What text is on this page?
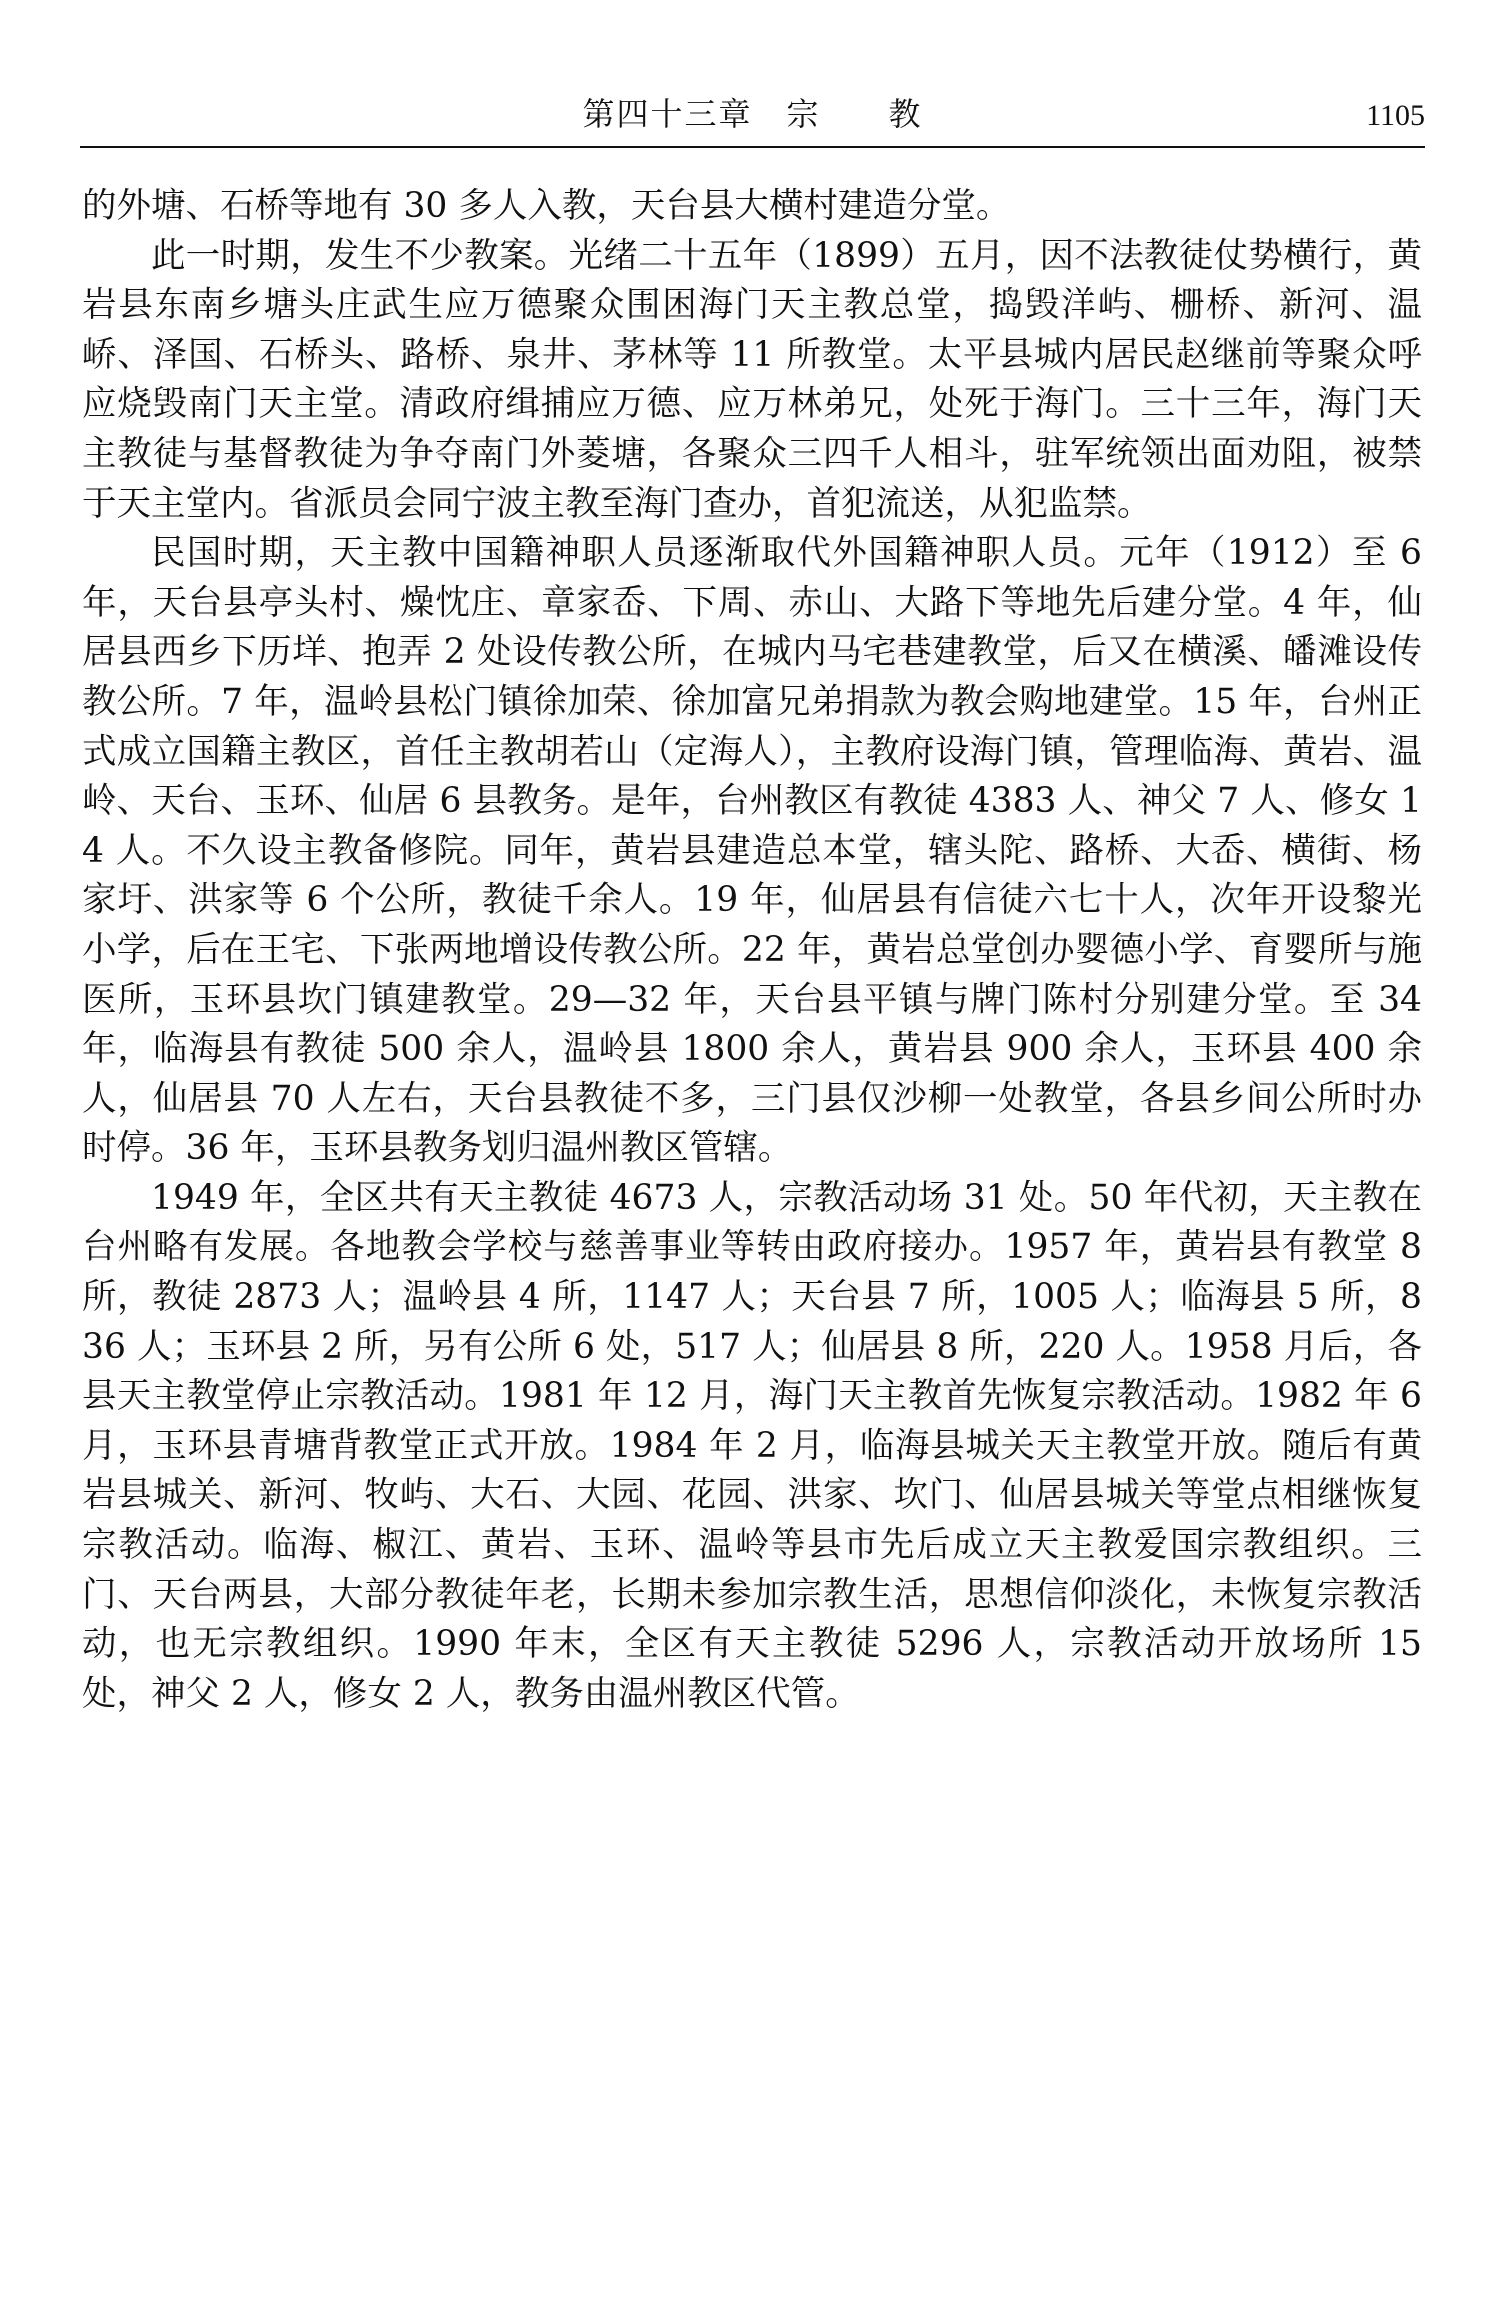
第四十三章　宗　　教	1105

的外塘、石桥等地有 30 多人入教，天台县大横村建造分堂。

此一时期，发生不少教案。光绪二十五年（1899）五月，因不法教徒仗势横行，黄岩县东南乡塘头庄武生应万德聚众围困海门天主教总堂，捣毁洋屿、栅桥、新河、温峤、泽国、石桥头、路桥、泉井、茅林等 11 所教堂。太平县城内居民赵继前等聚众呼应烧毁南门天主堂。清政府缉捕应万德、应万林弟兄，处死于海门。三十三年，海门天主教徒与基督教徒为争夺南门外菱塘，各聚众三四千人相斗，驻军统领出面劝阻，被禁于天主堂内。省派员会同宁波主教至海门查办，首犯流送，从犯监禁。

民国时期，天主教中国籍神职人员逐渐取代外国籍神职人员。元年（1912）至 6 年，天台县亭头村、燥忱庄、章家岙、下周、赤山、大路下等地先后建分堂。4 年，仙居县西乡下历垟、抱弄 2 处设传教公所，在城内马宅巷建教堂，后又在横溪、皤滩设传教公所。7 年，温岭县松门镇徐加荣、徐加富兄弟捐款为教会购地建堂。15 年，台州正式成立国籍主教区，首任主教胡若山（定海人），主教府设海门镇，管理临海、黄岩、温岭、天台、玉环、仙居 6 县教务。是年，台州教区有教徒 4383 人、神父 7 人、修女 14 人。不久设主教备修院。同年，黄岩县建造总本堂，辖头陀、路桥、大岙、横街、杨家圩、洪家等 6 个公所，教徒千余人。19 年，仙居县有信徒六七十人，次年开设黎光小学，后在王宅、下张两地增设传教公所。22 年，黄岩总堂创办婴德小学、育婴所与施医所，玉环县坎门镇建教堂。29—32 年，天台县平镇与牌门陈村分别建分堂。至 34 年，临海县有教徒 500 余人，温岭县 1800 余人，黄岩县 900 余人，玉环县 400 余人，仙居县 70 人左右，天台县教徒不多，三门县仅沙柳一处教堂，各县乡间公所时办时停。36 年，玉环县教务划归温州教区管辖。

1949 年，全区共有天主教徒 4673 人，宗教活动场 31 处。50 年代初，天主教在台州略有发展。各地教会学校与慈善事业等转由政府接办。1957 年，黄岩县有教堂 8 所，教徒 2873 人；温岭县 4 所，1147 人；天台县 7 所，1005 人；临海县 5 所，836 人；玉环县 2 所，另有公所 6 处，517 人；仙居县 8 所，220 人。1958 月后，各县天主教堂停止宗教活动。1981 年 12 月，海门天主教首先恢复宗教活动。1982 年 6 月，玉环县青塘背教堂正式开放。1984 年 2 月，临海县城关天主教堂开放。随后有黄岩县城关、新河、牧屿、大石、大园、花园、洪家、坎门、仙居县城关等堂点相继恢复宗教活动。临海、椒江、黄岩、玉环、温岭等县市先后成立天主教爱国宗教组织。三门、天台两县，大部分教徒年老，长期未参加宗教生活，思想信仰淡化，未恢复宗教活动，也无宗教组织。1990 年末，全区有天主教徒 5296 人，宗教活动开放场所 15 处，神父 2 人，修女 2 人，教务由温州教区代管。
